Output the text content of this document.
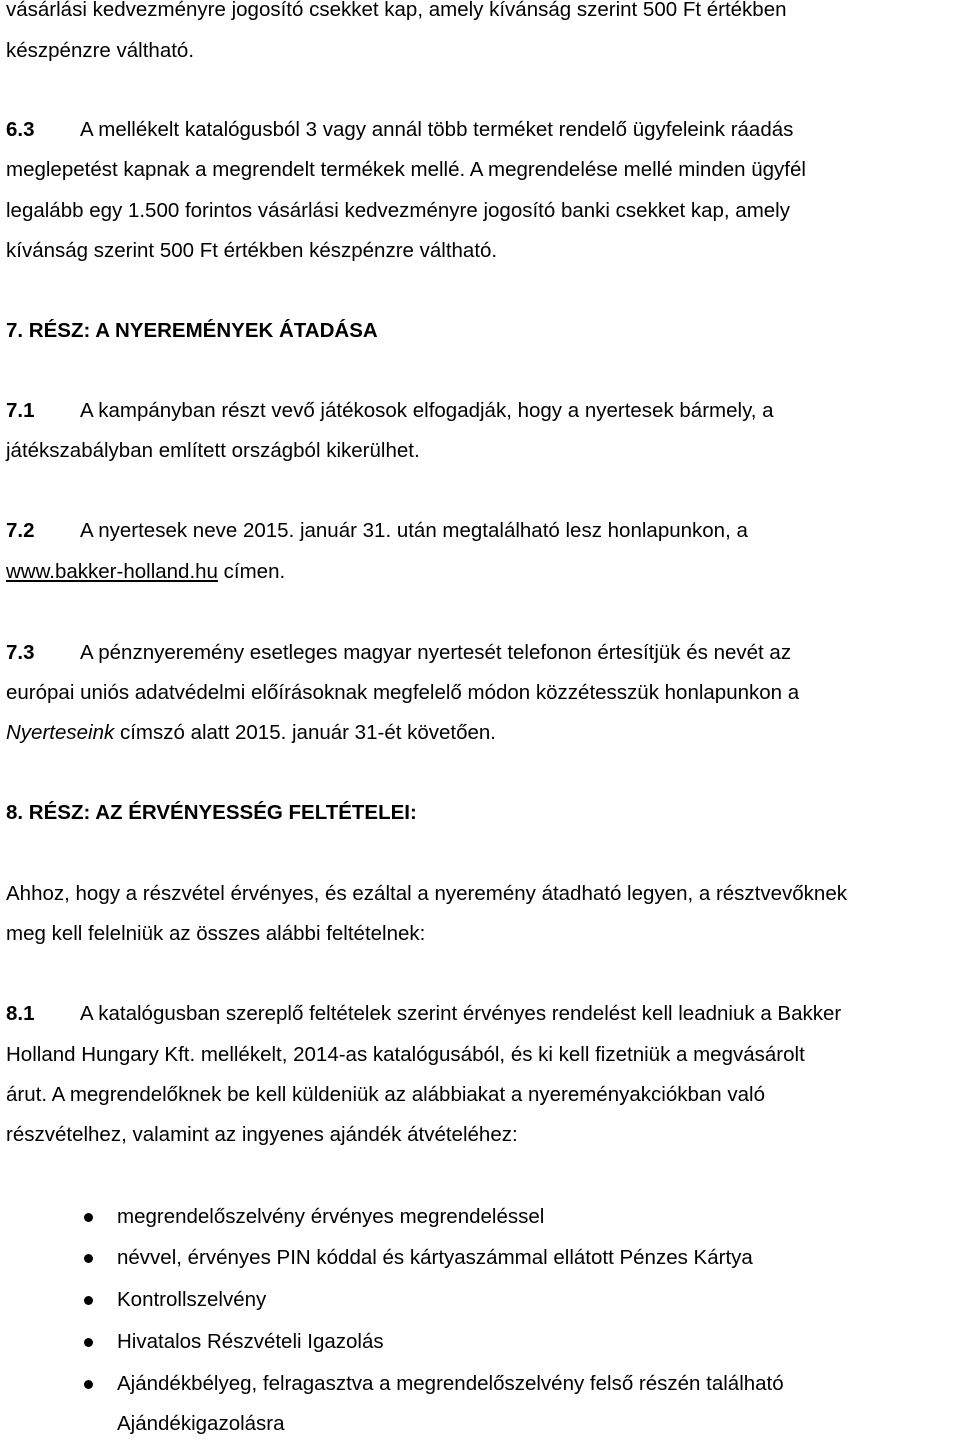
vásárlási kedvezményre jogosító csekket kap, amely kívánság szerint 500 Ft értékben
készpénzre váltható.
6.3 A mellékelt katalógusból 3 vagy annál több terméket rendelő ügyfeleink ráadás
meglepetést kapnak a megrendelt termékek mellé. A megrendelése mellé minden ügyfél
legalább egy 1.500 forintos vásárlási kedvezményre jogosító banki csekket kap, amely
kívánság szerint 500 Ft értékben készpénzre váltható.
7. RÉSZ: A NYEREMÉNYEK ÁTADÁSA
7.1 A kampányban részt vevő játékosok elfogadják, hogy a nyertesek bármely, a
játékszabályban említett országból kikerülhet.
7.2 A nyertesek neve 2015. január 31. után megtalálható lesz honlapunkon, a
www.bakker-holland.hu címen.
7.3 A pénznyeremény esetleges magyar nyertesét telefonon értesítjük és nevét az
európai uniós adatvédelmi előírásoknak megfelelő módon közzétesszük honlapunkon a
Nyerteseink címszó alatt 2015. január 31-ét követően.
8. RÉSZ: AZ ÉRVÉNYESSÉG FELTÉTELEI:
Ahhoz, hogy a részvétel érvényes, és ezáltal a nyeremény átadható legyen, a résztvevőknek
meg kell felelniük az összes alábbi feltételnek:
8.1 A katalógusban szereplő feltételek szerint érvényes rendelést kell leadniuk a Bakker
Holland Hungary Kft. mellékelt, 2014-as katalógusából, és ki kell fizetniük a megvásárolt
árut. A megrendelőknek be kell küldeniük az alábbiakat a nyereményakciókban való
részvételhez, valamint az ingyenes ajándék átvételéhez:
megrendelőszelvény érvényes megrendeléssel
névvel, érvényes PIN kóddal és kártyaszámmal ellátott Pénzes Kártya
Kontrollszelvény
Hivatalos Részvételi Igazolás
Ajándékbélyeg, felragasztva a megrendelőszelvény felső részén található
Ajándékigazolásra
